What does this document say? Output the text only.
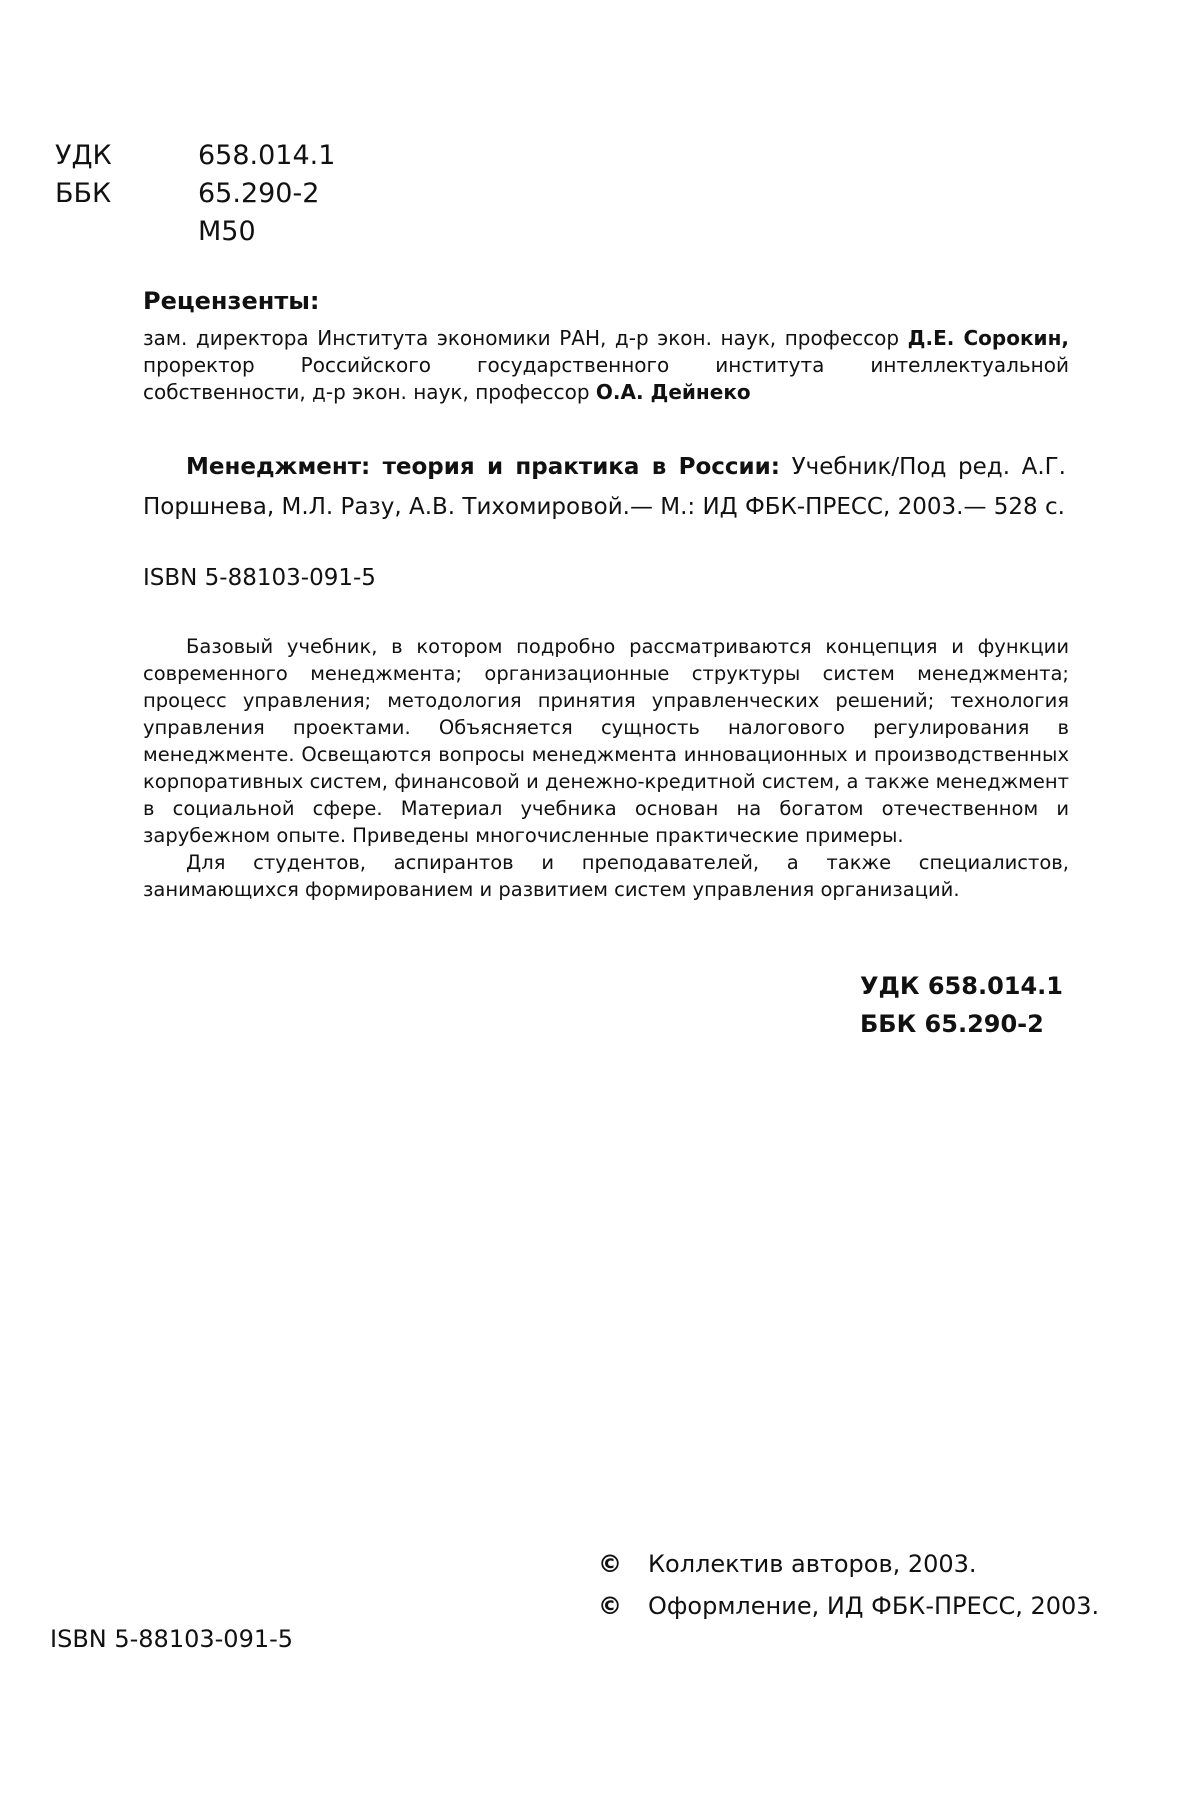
УДК	658.014.1
ББК	65.290-2
М50
Рецензенты:
зам. директора Института экономики РАН, д-р экон. наук, профессор Д.Е. Сорокин, проректор Российского государственного института интеллектуальной собственности, д-р экон. наук, профессор О.А. Дейнеко
Менеджмент: теория и практика в России: Учебник/Под ред. А.Г. Поршнева, М.Л. Разу, А.В. Тихомировой.— М.: ИД ФБК-ПРЕСС, 2003.— 528 с.
ISBN 5-88103-091-5

Базовый учебник, в котором подробно рассматриваются концепция и функции современного менеджмента; организационные структуры систем менеджмента; процесс управления; методология принятия управленческих решений; технология управления проектами. Объясняется сущность налогового регулирования в менеджменте. Освещаются вопросы менеджмента инновационных и производственных корпоративных систем, финансовой и денежно-кредитной систем, а также менеджмент в социальной сфере. Материал учебника основан на богатом отечественном и зарубежном опыте. Приведены многочисленные практические примеры.

Для студентов, аспирантов и преподавателей, а также специалистов, занимающихся формированием и развитием систем управления организаций.

УДК 658.014.1
ББК 65.290-2
© Коллектив авторов, 2003.
© Оформление, ИД ФБК-ПРЕСС, 2003.
ISBN 5-88103-091-5
